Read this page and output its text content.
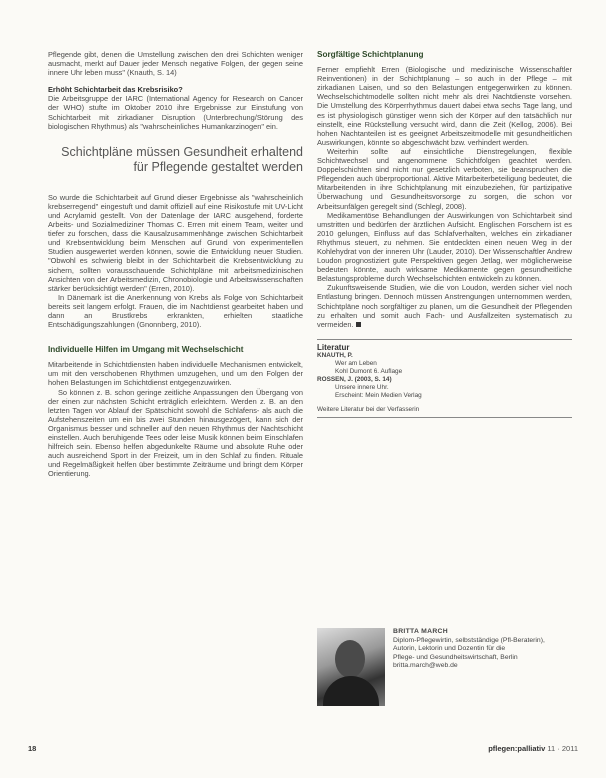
Pflegende gibt, denen die Umstellung zwischen den drei Schichten weniger ausmacht, merkt auf Dauer jeder Mensch negative Folgen, der gegen seine innere Uhr leben muss" (Knauth, S. 14)

Erhöht Schichtarbeit das Krebsrisiko?

Die Arbeitsgruppe der IARC (International Agency for Research on Cancer der WHO) stufte im Oktober 2010 ihre Ergebnisse zur Einstufung von Schichtarbeit mit zirkadianer Disruption (Unterbrechung/Störung des biologischen Rhythmus) als "wahrscheinliches Humankarzinogen" ein.

Schichtpläne müssen Gesundheit erhaltend für Pflegende gestaltet werden

So wurde die Schichtarbeit auf Grund dieser Ergebnisse als "wahrscheinlich krebserregend" eingestuft und damit offiziell auf eine Risikostufe mit UV-Licht und Acrylamid gestellt. Von der Datenlage der IARC ausgehend, forderte Arbeits- und Sozialmediziner Thomas C. Erren mit einem Team, weiter und tiefer zu forschen, dass die Kausalzusammenhänge zwischen Schichtarbeit und Krebsentwicklung beim Menschen auf Grund von experimentellen Studien ausgewertet werden können, sowie die Entwicklung neuer Studien. "Obwohl es schwierig bleibt in der Schichtarbeit die Krebsentwicklung zu sichern, sollten vorausschauende Schichtpläne mit arbeitsmedizinischen Ansichten von der Arbeitsmedizin, Chronobiologie und Arbeitswissenschaften stärker berücksichtigt werden" (Erren, 2010).

In Dänemark ist die Anerkennung von Krebs als Folge von Schichtarbeit bereits seit langem erfolgt. Frauen, die im Nachtdienst gearbeitet haben und dann an Brustkrebs erkrankten, erhielten staatliche Entschädigungszahlungen (Gnonnberg, 2010).

Individuelle Hilfen im Umgang mit Wechselschicht

Mitarbeitende in Schichtdiensten haben individuelle Mechanismen entwickelt, um mit den verschobenen Rhythmen umzugehen, und um den Folgen der hohen Belastungen im Schichtdienst entgegenzuwirken.

So können z. B. schon geringe zeitliche Anpassungen den Übergang von der einen zur nächsten Schicht erträglich erleichtern. Werden z. B. an den letzten Tagen vor Ablauf der Spätschicht sowohl die Schlafens- als auch die Aufstehenszeiten um ein bis zwei Stunden hinausgezögert, kann sich der Organismus besser und schneller auf den neuen Rhythmus der Nachtschicht einstellen. Auch beruhigende Tees oder leise Musik können beim Einschlafen hilfreich sein. Ebenso helfen abgedunkelte Räume und absolute Ruhe oder auch ausreichend Sport in der Freizeit, um in den Schlaf zu finden. Rituale und Regelmäßigkeit helfen über bestimmte Zeiträume und bringt dem Körper Orientierung.

Sorgfältige Schichtplanung

Ferner empfiehlt Erren (Biologische und medizinische Wissenschaftler Reinventionen) in der Schichtplanung – so auch in der Pflege – mit zirkadianen Laisen, und so den Belastungen entgegenwirken zu können. Wechselschichtmodelle sollten nicht mehr als drei Nachtdienste vorsehen. Die Umstellung des Körperrhythmus dauert dabei etwa sechs Tage lang, und es ist physiologisch günstiger wenn sich der Körper auf den tatsächlich nur einstellt, eine Rückstellung versucht wird, dann die Zeit (Kellog, 2006). Bei hohen Nachtanteilen ist es geeignet Arbeitszeitmodelle mit gesundheitlichen Auswirkungen, könnte so abgeschwächt bzw. verhindert werden.

Weiterhin sollte auf einsichtliche Dienstregelungen, flexible Schichtwechsel und angenommene Schichtfolgen geachtet werden. Doppelschichten sind nicht nur gesetzlich verboten, sie beanspruchen die Pflegenden auch überproportional. Aktive Mitarbeiterbeteiligung bedeutet, die Mitarbeitenden in ihre Schichtplanung mit einzubeziehen, für partizipative Überwachung und Gesundheitsvorsorge zu sorgen, die schon vor Arbeitsunfälgen geregelt sind (Schlegl, 2008).

Medikamentöse Behandlungen der Auswirkungen von Schichtarbeit sind umstritten und bedürfen der ärztlichen Aufsicht. Englischen Forschern ist es 2010 gelungen, Einfluss auf das Schlafverhalten, welches ein zirkadianer Rhythmus steuert, zu nehmen. Sie entdeckten einen neuen Weg in der Kohlehydrat von der inneren Uhr (Lauder, 2010). Der Wissenschaftler Andrew Loudon prognostiziert gute Perspektiven gegen Jetlag, wer möglicherweise bedeuten könnte, auch wirksame Medikamente gegen gesundheitliche Belastungsprobleme durch Wechselschichten entwickeln zu können.

Zukunftsweisende Studien, wie die von Loudon, werden sicher viel noch Entlastung bringen. Dennoch müssen Anstrengungen unternommen werden, Schichtpläne noch sorgfältiger zu planen, um die Gesundheit der Pflegenden zu erhalten und somit auch Fach- und Ausfallzeiten systematisch zu vermeiden.

Literatur
KNAUTH, P.
Wer am Leben
Kohl Dumont 6. Auflage
ROSSEN, J. (2003, S. 14)
Unsere innere Uhr.
Erscheint: Mein Medien Verlag
Weitere Literatur bei der Verfasserin
BRITTA MARCH
Diplom-Pflegewirtin, selbstständige (Pfl-Beraterin),
Autorin, Lektorin und Dozentin für die
Pflege- und Gesundheitswirtschaft, Berlin
britta.march@web.de
18	pflegen:palliativ 11 · 2011
